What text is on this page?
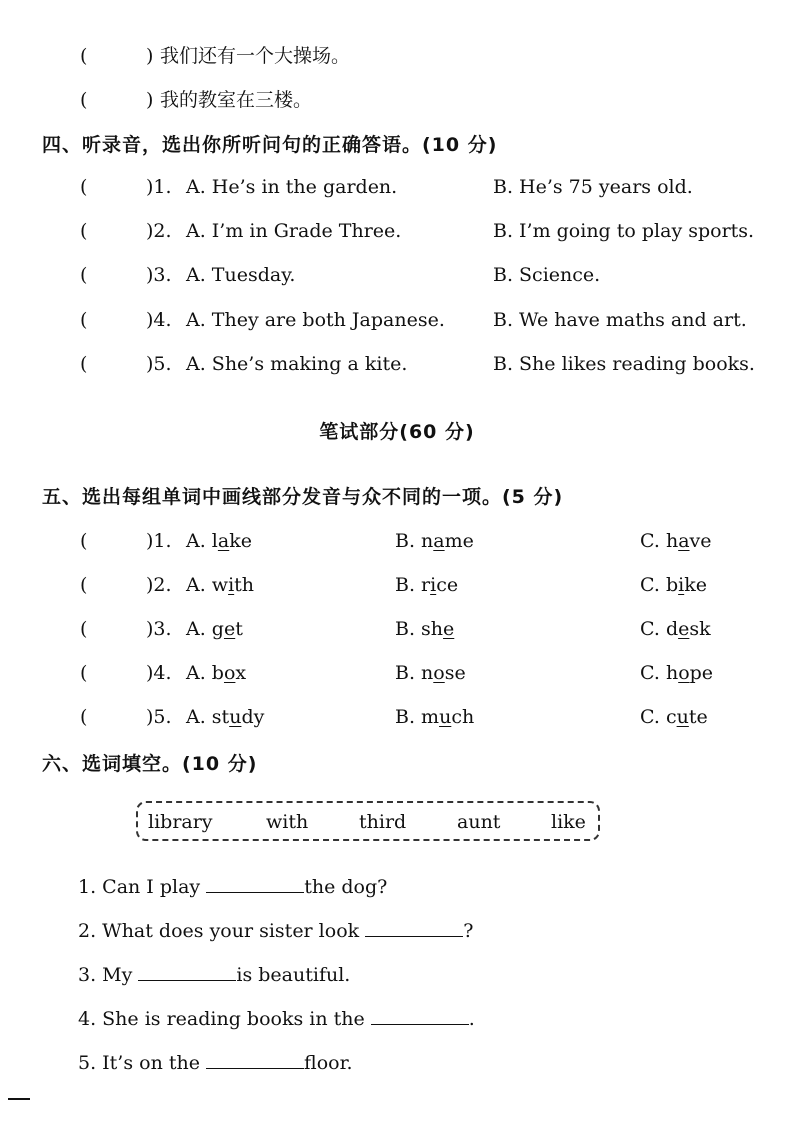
(	) 我们还有一个大操场。
(	) 我的教室在三楼。
四、听录音，选出你所听问句的正确答语。(10 分)
(	)1. A. He’s in the garden.	B. He’s 75 years old.
(	)2. A. I’m in Grade Three.	B. I’m going to play sports.
(	)3. A. Tuesday.	B. Science.
(	)4. A. They are both Japanese.	B. We have maths and art.
(	)5. A. She’s making a kite.	B. She likes reading books.
笔试部分(60 分)
五、选出每组单词中画线部分发音与众不同的一项。(5 分)
(	)1. A. lake	B. name	C. have
(	)2. A. with	B. rice	C. bike
(	)3. A. get	B. she	C. desk
(	)4. A. box	B. nose	C. hope
(	)5. A. study	B. much	C. cute
六、选词填空。(10 分)
library	with	third	aunt	like
1. Can I play	the dog?
2. What does your sister look	?
3. My	is beautiful.
4. She is reading books in the	.
5. It’s on the	floor.
